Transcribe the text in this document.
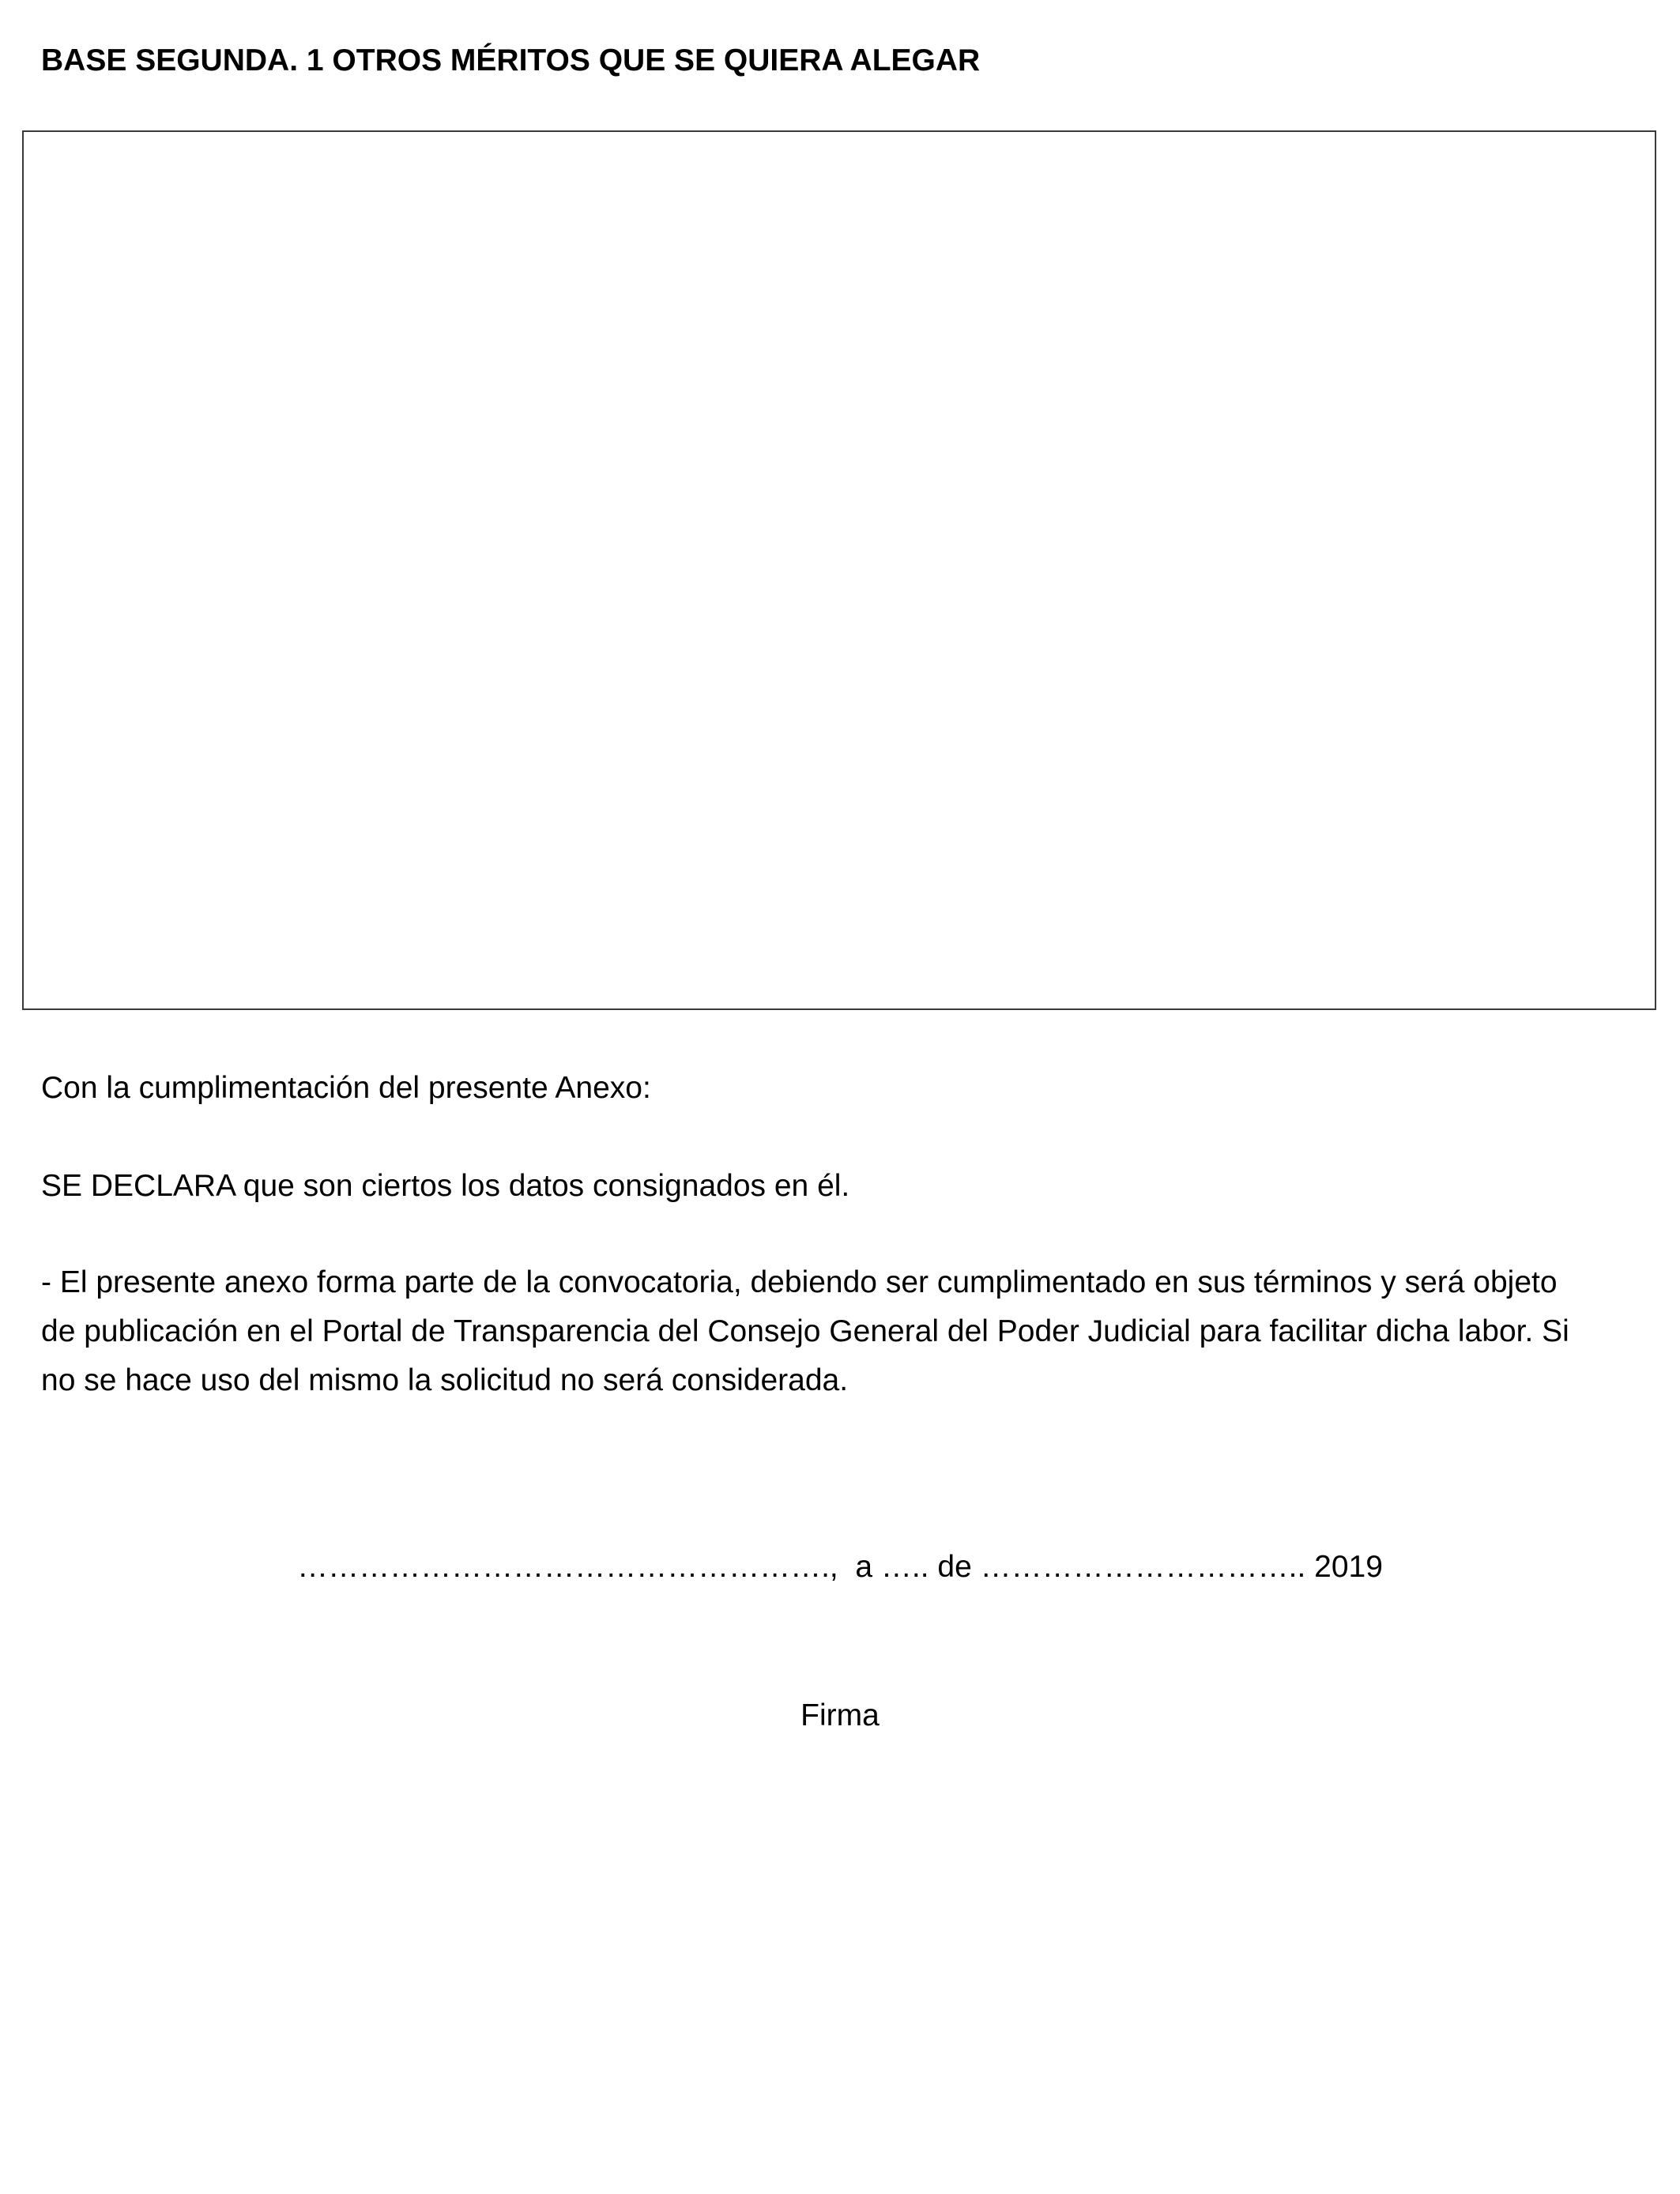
BASE SEGUNDA. 1 OTROS MÉRITOS QUE SE QUIERA ALEGAR
Con la cumplimentación del presente Anexo:
SE DECLARA que son ciertos los datos consignados en él.
- El presente anexo forma parte de la convocatoria, debiendo ser cumplimentado en sus términos y será objeto
de publicación en el Portal de Transparencia del Consejo General del Poder Judicial para facilitar dicha labor. Si
no se hace uso del mismo la solicitud no será considerada.
…………………………………………….,  a ….. de ………………………….. 2019
Firma
